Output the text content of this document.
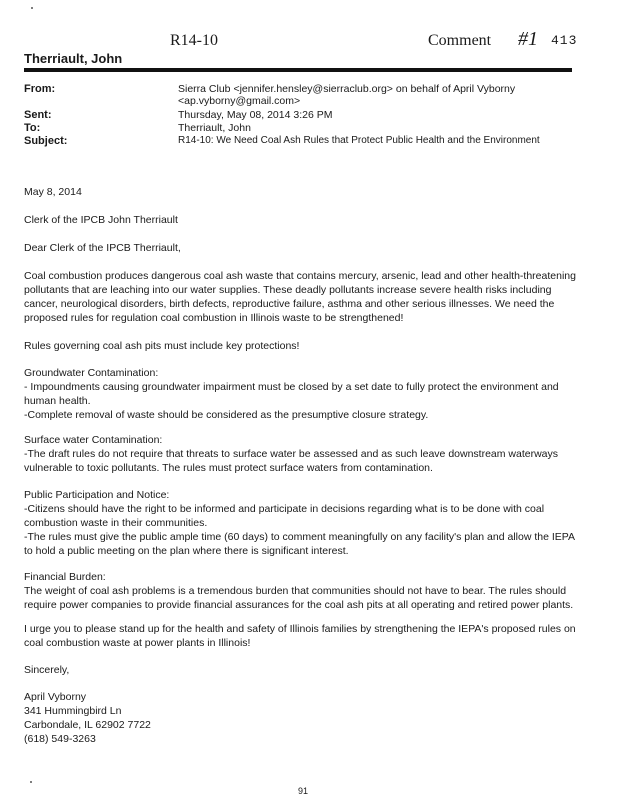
R14-10	Comment #1 413
Therriault, John
From:	Sierra Club <jennifer.hensley@sierraclub.org> on behalf of April Vyborny <ap.vyborny@gmail.com>
Sent:	Thursday, May 08, 2014 3:26 PM
To:	Therriault, John
Subject:	R14-10: We Need Coal Ash Rules that Protect Public Health and the Environment
May 8, 2014
Clerk of the IPCB John Therriault
Dear Clerk of the IPCB Therriault,

Coal combustion produces dangerous coal ash waste that contains mercury, arsenic, lead and other health-threatening pollutants that are leaching into our water supplies. These deadly pollutants increase severe health risks including cancer, neurological disorders, birth defects, reproductive failure, asthma and other serious illnesses. We need the proposed rules for regulation coal combustion in Illinois waste to be strengthened!

Rules governing coal ash pits must include key protections!

Groundwater Contamination:

- Impoundments causing groundwater impairment must be closed by a set date to fully protect the environment and human health.

-Complete removal of waste should be considered as the presumptive closure strategy.

Surface water Contamination:

-The draft rules do not require that threats to surface water be assessed and as such leave downstream waterways vulnerable to toxic pollutants. The rules must protect surface waters from contamination.

Public Participation and Notice:

-Citizens should have the right to be informed and participate in decisions regarding what is to be done with coal combustion waste in their communities.

-The rules must give the public ample time (60 days) to comment meaningfully on any facility's plan and allow the IEPA to hold a public meeting on the plan where there is significant interest.

Financial Burden:

The weight of coal ash problems is a tremendous burden that communities should not have to bear. The rules should require power companies to provide financial assurances for the coal ash pits at all operating and retired power plants.

I urge you to please stand up for the health and safety of Illinois families by strengthening the IEPA's proposed rules on coal combustion waste at power plants in Illinois!

Sincerely,

April Vyborny

341 Hummingbird Ln

Carbondale, IL 62902 7722

(618) 549-3263

91
